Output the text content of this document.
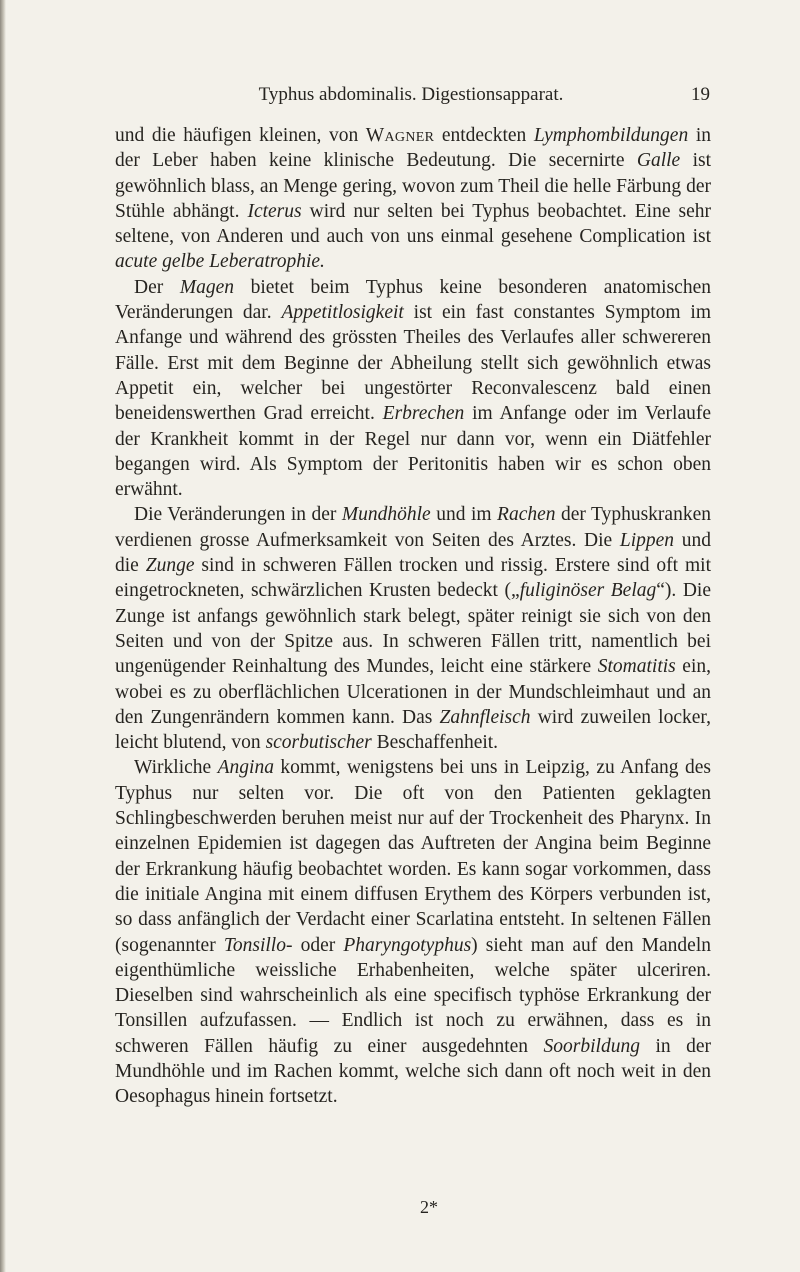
Typhus abdominalis. Digestionsapparat.	19

und die häufigen kleinen, von Wagner entdeckten Lymphombildungen in der Leber haben keine klinische Bedeutung. Die secernirte Galle ist gewöhnlich blass, an Menge gering, wovon zum Theil die helle Färbung der Stühle abhängt. Icterus wird nur selten bei Typhus beobachtet. Eine sehr seltene, von Anderen und auch von uns einmal gesehene Complication ist acute gelbe Leberatrophie.

Der Magen bietet beim Typhus keine besonderen anatomischen Veränderungen dar. Appetitlosigkeit ist ein fast constantes Symptom im Anfange und während des grössten Theiles des Verlaufes aller schwereren Fälle. Erst mit dem Beginne der Abheilung stellt sich gewöhnlich etwas Appetit ein, welcher bei ungestörter Reconvalescenz bald einen beneidenswerthen Grad erreicht. Erbrechen im Anfange oder im Verlaufe der Krankheit kommt in der Regel nur dann vor, wenn ein Diätfehler begangen wird. Als Symptom der Peritonitis haben wir es schon oben erwähnt.

Die Veränderungen in der Mundhöhle und im Rachen der Typhuskranken verdienen grosse Aufmerksamkeit von Seiten des Arztes. Die Lippen und die Zunge sind in schweren Fällen trocken und rissig. Erstere sind oft mit eingetrockneten, schwärzlichen Krusten bedeckt („fuliginöser Belag“). Die Zunge ist anfangs gewöhnlich stark belegt, später reinigt sie sich von den Seiten und von der Spitze aus. In schweren Fällen tritt, namentlich bei ungenügender Reinhaltung des Mundes, leicht eine stärkere Stomatitis ein, wobei es zu oberflächlichen Ulcerationen in der Mundschleimhaut und an den Zungenrändern kommen kann. Das Zahnfleisch wird zuweilen locker, leicht blutend, von scorbutischer Beschaffenheit.

Wirkliche Angina kommt, wenigstens bei uns in Leipzig, zu Anfang des Typhus nur selten vor. Die oft von den Patienten geklagten Schlingbeschwerden beruhen meist nur auf der Trockenheit des Pharynx. In einzelnen Epidemien ist dagegen das Auftreten der Angina beim Beginne der Erkrankung häufig beobachtet worden. Es kann sogar vorkommen, dass die initiale Angina mit einem diffusen Erythem des Körpers verbunden ist, so dass anfänglich der Verdacht einer Scarlatina entsteht. In seltenen Fällen (sogenannter Tonsillo- oder Pharyngotyphus) sieht man auf den Mandeln eigenthümliche weissliche Erhabenheiten, welche später ulceriren. Dieselben sind wahrscheinlich als eine specifisch typhöse Erkrankung der Tonsillen aufzufassen. — Endlich ist noch zu erwähnen, dass es in schweren Fällen häufig zu einer ausgedehnten Soorbildung in der Mundhöhle und im Rachen kommt, welche sich dann oft noch weit in den Oesophagus hinein fortsetzt.

2*
